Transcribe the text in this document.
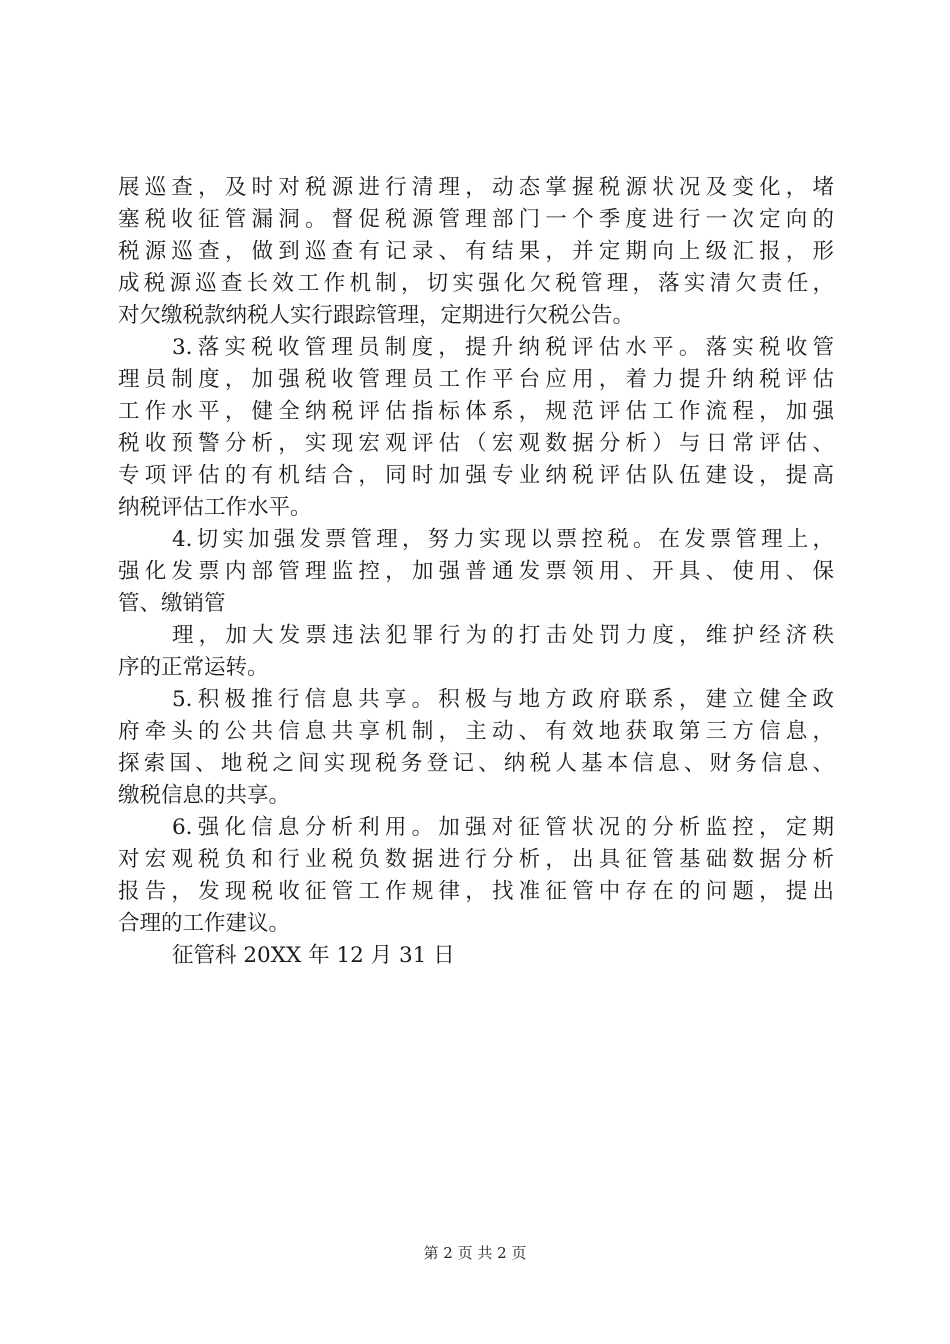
展巡查，及时对税源进行清理，动态掌握税源状况及变化，堵
塞税收征管漏洞。督促税源管理部门一个季度进行一次定向的
税源巡查，做到巡查有记录、有结果，并定期向上级汇报，形
成税源巡查长效工作机制，切实强化欠税管理，落实清欠责任，
对欠缴税款纳税人实行跟踪管理，定期进行欠税公告。
3.落实税收管理员制度，提升纳税评估水平。落实税收管
理员制度，加强税收管理员工作平台应用，着力提升纳税评估
工作水平，健全纳税评估指标体系，规范评估工作流程，加强
税收预警分析，实现宏观评估（宏观数据分析）与日常评估、
专项评估的有机结合，同时加强专业纳税评估队伍建设，提高
纳税评估工作水平。
4.切实加强发票管理，努力实现以票控税。在发票管理上，
强化发票内部管理监控，加强普通发票领用、开具、使用、保
管、缴销管
理，加大发票违法犯罪行为的打击处罚力度，维护经济秩
序的正常运转。
5.积极推行信息共享。积极与地方政府联系，建立健全政
府牵头的公共信息共享机制，主动、有效地获取第三方信息，
探索国、地税之间实现税务登记、纳税人基本信息、财务信息、
缴税信息的共享。
6.强化信息分析利用。加强对征管状况的分析监控，定期
对宏观税负和行业税负数据进行分析，出具征管基础数据分析
报告，发现税收征管工作规律，找准征管中存在的问题，提出
合理的工作建议。
征管科 20XX 年 12 月 31 日
第 2 页 共 2 页
